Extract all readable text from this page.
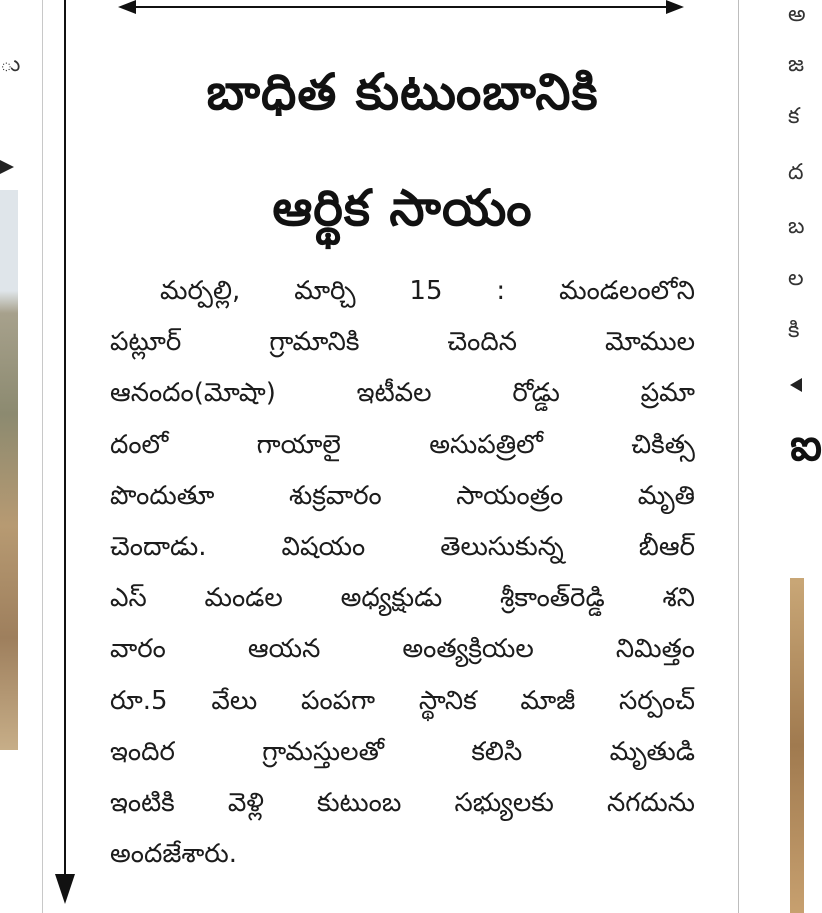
ు	బాధిత కుటుంబానికి
ఆర్థిక సాయం
మర్పల్లి, మార్చి 15 : మండలంలోని
పట్లూర్ గ్రామానికి చెందిన మోముల
ఆనందం(మోషా) ఇటీవల రోడ్డు ప్రమా
దంలో గాయాలై అసుపత్రిలో చికిత్స
పొందుతూ శుక్రవారం సాయంత్రం మృతి
చెందాడు. విషయం తెలుసుకున్న బీఆర్
ఎస్ మండల అధ్యక్షుడు శ్రీకాంత్‌రెడ్డి శని
వారం ఆయన అంత్యక్రియల నిమిత్తం
రూ.5 వేలు పంపగా స్థానిక మాజీ సర్పంచ్
ఇందిర గ్రామస్తులతో కలిసి మృతుడి
ఇంటికి వెళ్లి కుటుంబ సభ్యులకు నగదును
అందజేశారు.
అ
జ
క
ద
బ
ల
కి
ఐ
